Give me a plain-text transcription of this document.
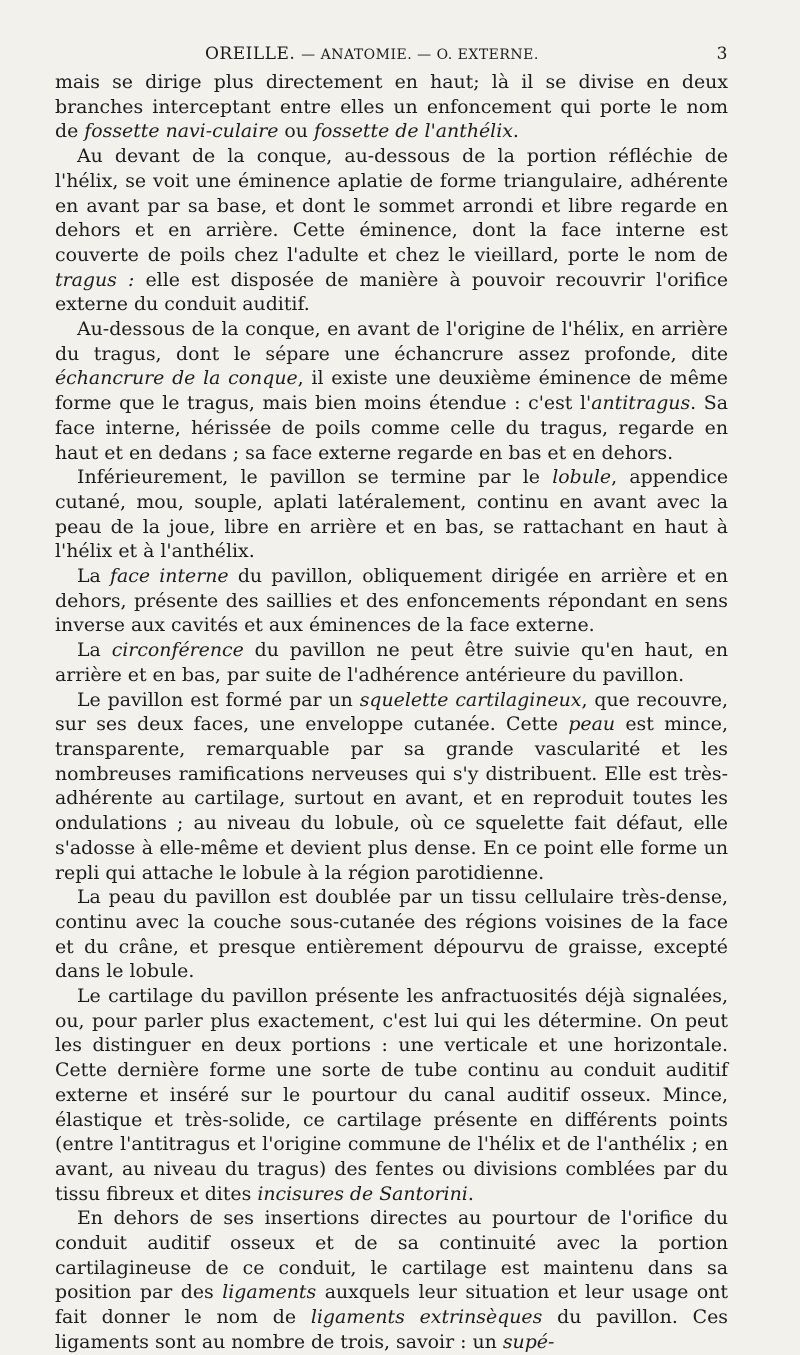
OREILLE. — ANATOMIE. — O. EXTERNE.	3

mais se dirige plus directement en haut; là il se divise en deux branches interceptant entre elles un enfoncement qui porte le nom de fossette navi-culaire ou fossette de l'anthélix.

Au devant de la conque, au-dessous de la portion réfléchie de l'hélix, se voit une éminence aplatie de forme triangulaire, adhérente en avant par sa base, et dont le sommet arrondi et libre regarde en dehors et en arrière. Cette éminence, dont la face interne est couverte de poils chez l'adulte et chez le vieillard, porte le nom de tragus : elle est disposée de manière à pouvoir recouvrir l'orifice externe du conduit auditif.

Au-dessous de la conque, en avant de l'origine de l'hélix, en arrière du tragus, dont le sépare une échancrure assez profonde, dite échancrure de la conque, il existe une deuxième éminence de même forme que le tragus, mais bien moins étendue : c'est l'antitragus. Sa face interne, hérissée de poils comme celle du tragus, regarde en haut et en dedans ; sa face externe regarde en bas et en dehors.

Inférieurement, le pavillon se termine par le lobule, appendice cutané, mou, souple, aplati latéralement, continu en avant avec la peau de la joue, libre en arrière et en bas, se rattachant en haut à l'hélix et à l'anthélix.

La face interne du pavillon, obliquement dirigée en arrière et en dehors, présente des saillies et des enfoncements répondant en sens inverse aux cavités et aux éminences de la face externe.

La circonférence du pavillon ne peut être suivie qu'en haut, en arrière et en bas, par suite de l'adhérence antérieure du pavillon.

Le pavillon est formé par un squelette cartilagineux, que recouvre, sur ses deux faces, une enveloppe cutanée. Cette peau est mince, transparente, remarquable par sa grande vascularité et les nombreuses ramifications nerveuses qui s'y distribuent. Elle est très-adhérente au cartilage, surtout en avant, et en reproduit toutes les ondulations ; au niveau du lobule, où ce squelette fait défaut, elle s'adosse à elle-même et devient plus dense. En ce point elle forme un repli qui attache le lobule à la région parotidienne.

La peau du pavillon est doublée par un tissu cellulaire très-dense, continu avec la couche sous-cutanée des régions voisines de la face et du crâne, et presque entièrement dépourvu de graisse, excepté dans le lobule.

Le cartilage du pavillon présente les anfractuosités déjà signalées, ou, pour parler plus exactement, c'est lui qui les détermine. On peut les distinguer en deux portions : une verticale et une horizontale. Cette dernière forme une sorte de tube continu au conduit auditif externe et inséré sur le pourtour du canal auditif osseux. Mince, élastique et très-solide, ce cartilage présente en différents points (entre l'antitragus et l'origine commune de l'hélix et de l'anthélix ; en avant, au niveau du tragus) des fentes ou divisions comblées par du tissu fibreux et dites incisures de Santorini.

En dehors de ses insertions directes au pourtour de l'orifice du conduit auditif osseux et de sa continuité avec la portion cartilagineuse de ce conduit, le cartilage est maintenu dans sa position par des ligaments auxquels leur situation et leur usage ont fait donner le nom de ligaments extrinsèques du pavillon. Ces ligaments sont au nombre de trois, savoir : un supé-
